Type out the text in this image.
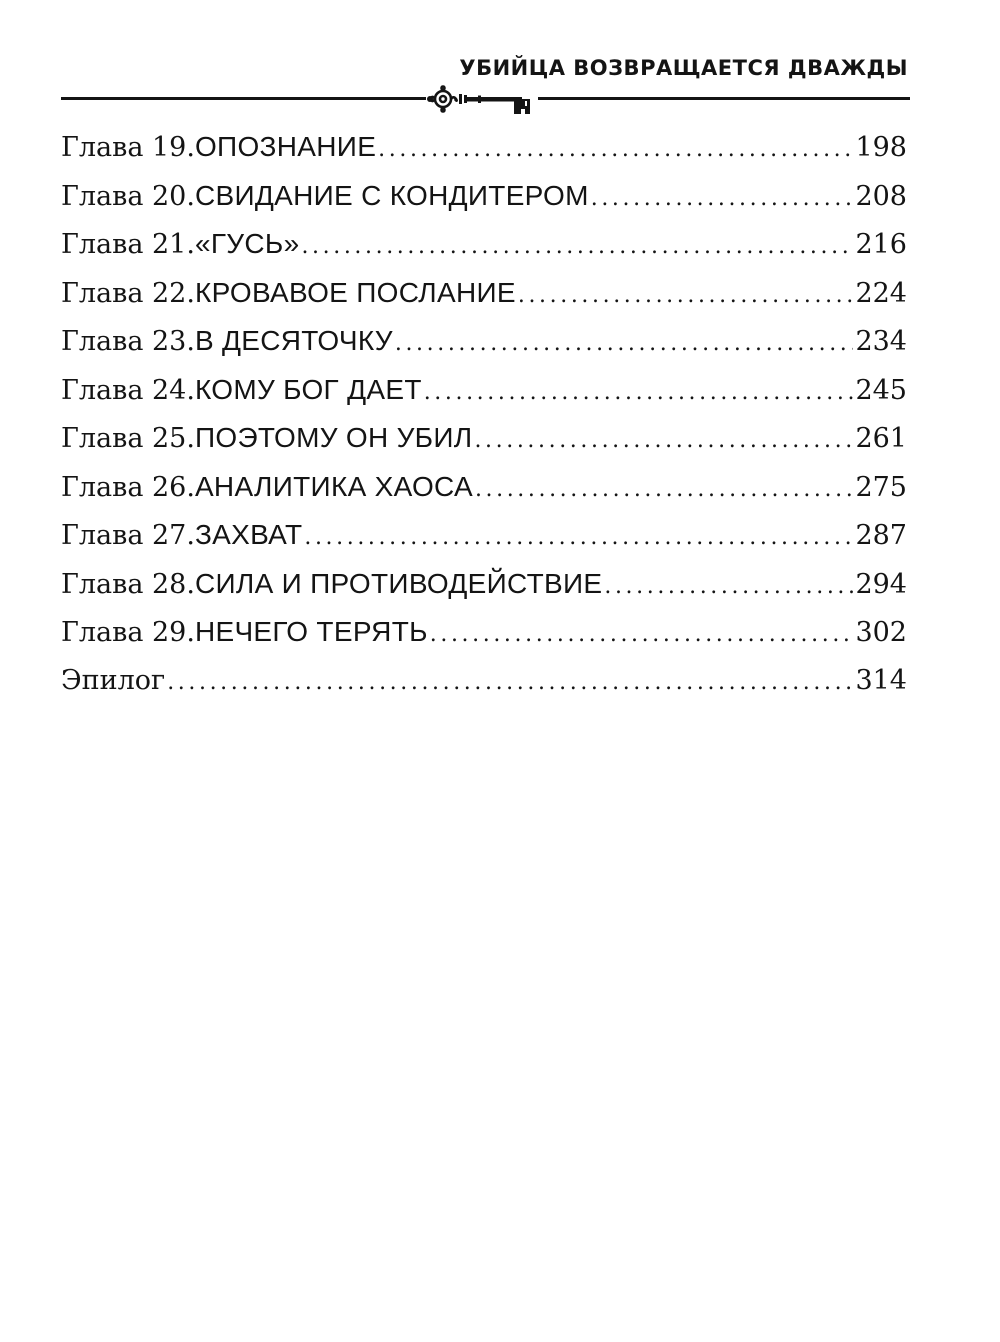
УБИЙЦА ВОЗВРАЩАЕТСЯ ДВАЖДЫ
Глава 19. ОПОЗНАНИЕ .....	198
Глава 20. СВИДАНИЕ С КОНДИТЕРОМ .....	208
Глава 21. «ГУСЬ» .....	216
Глава 22. КРОВАВОЕ ПОСЛАНИЕ .....	224
Глава 23. В ДЕСЯТОЧКУ .....	234
Глава 24. КОМУ БОГ ДАЕТ .....	245
Глава 25. ПОЭТОМУ ОН УБИЛ .....	261
Глава 26. АНАЛИТИКА ХАОСА .....	275
Глава 27. ЗАХВАТ .....	287
Глава 28. СИЛА И ПРОТИВОДЕЙСТВИЕ .....	294
Глава 29. НЕЧЕГО ТЕРЯТЬ .....	302
Эпилог .....	314
